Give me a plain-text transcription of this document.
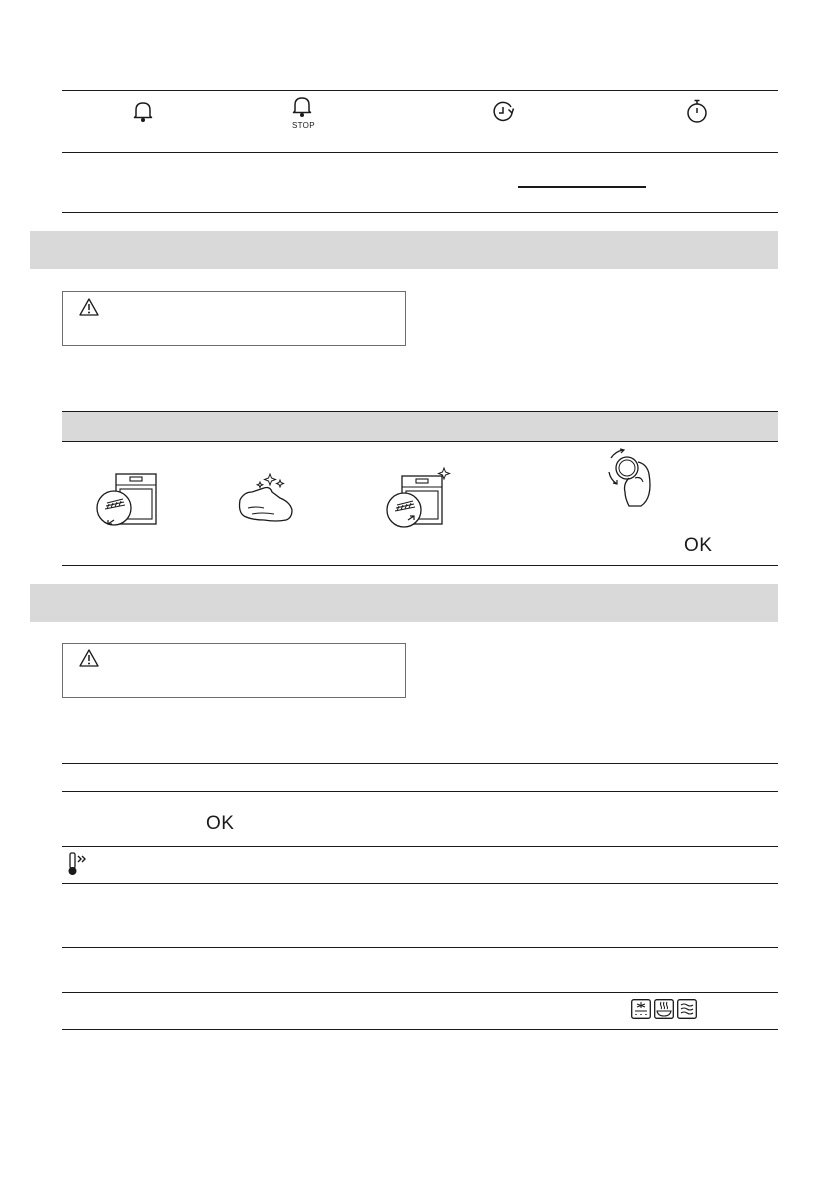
STOP
OK
OK
